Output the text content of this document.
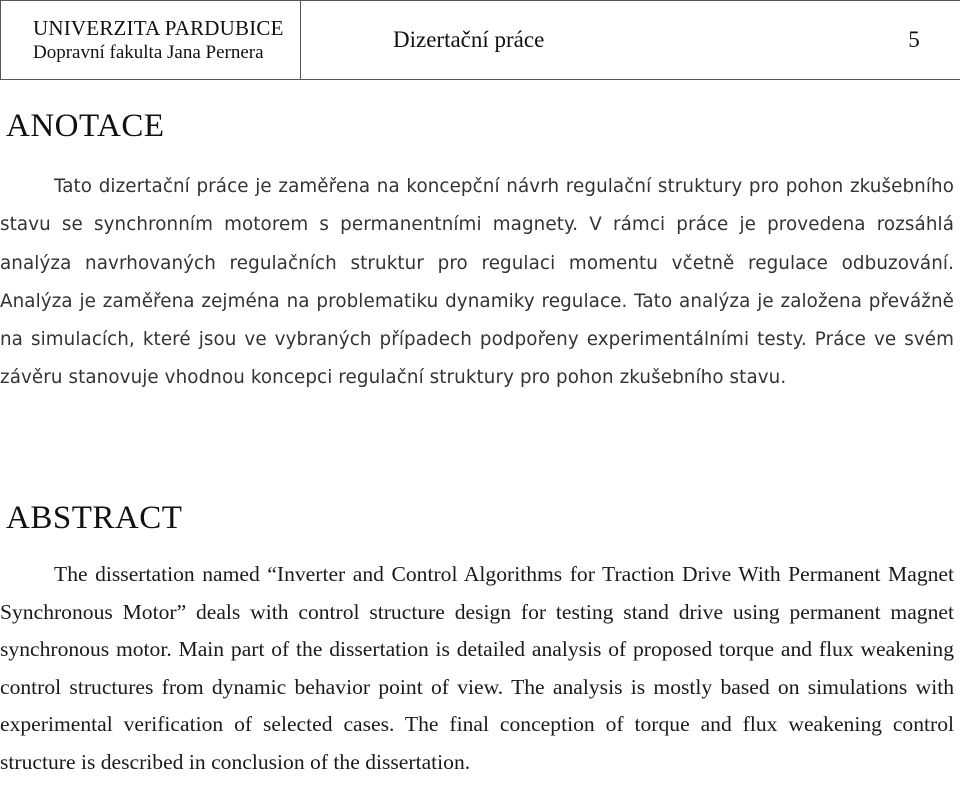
UNIVERZITA PARDUBICE
Dopravní fakulta Jana Pernera
Dizertační práce	5
ANOTACE

Tato dizertační práce je zaměřena na koncepční návrh regulační struktury pro pohon zkušebního stavu se synchronním motorem s permanentními magnety. V rámci práce je provedena rozsáhlá analýza navrhovaných regulačních struktur pro regulaci momentu včetně regulace odbuzování. Analýza je zaměřena zejména na problematiku dynamiky regulace. Tato analýza je založena převážně na simulacích, které jsou ve vybraných případech podpořeny experimentálními testy. Práce ve svém závěru stanovuje vhodnou koncepci regulační struktury pro pohon zkušebního stavu.

ABSTRACT

The dissertation named “Inverter and Control Algorithms for Traction Drive With Permanent Magnet Synchronous Motor” deals with control structure design for testing stand drive using permanent magnet synchronous motor. Main part of the dissertation is detailed analysis of proposed torque and flux weakening control structures from dynamic behavior point of view. The analysis is mostly based on simulations with experimental verification of selected cases. The final conception of torque and flux weakening control structure is described in conclusion of the dissertation.
